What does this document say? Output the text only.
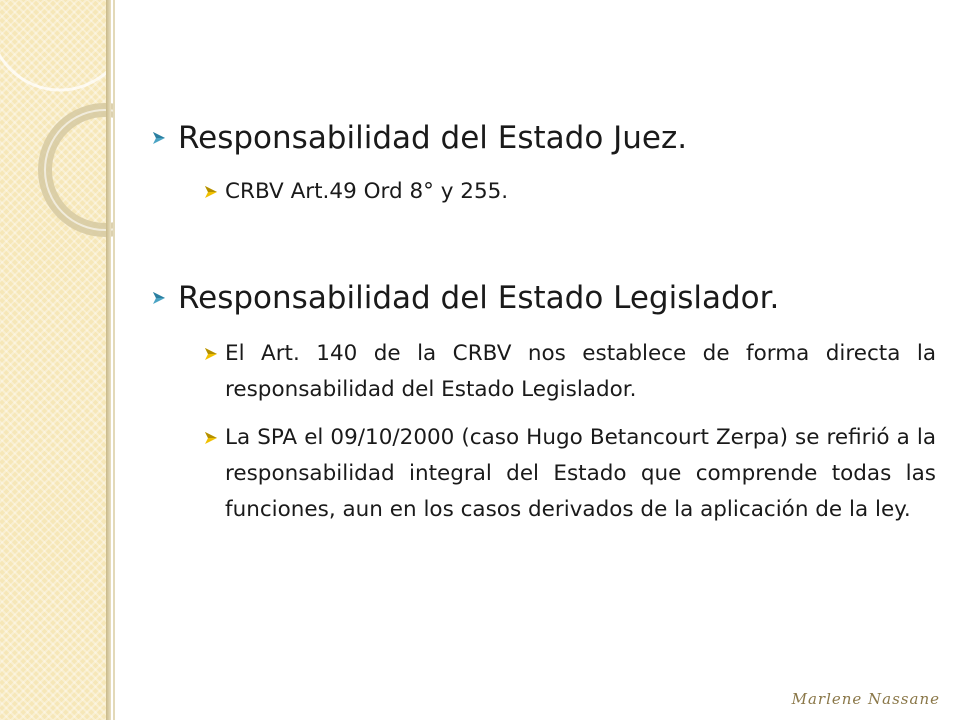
Responsabilidad del Estado Juez.
CRBV Art.49 Ord 8° y 255.
Responsabilidad del Estado Legislador.
El Art. 140 de la CRBV nos establece de forma directa la responsabilidad del Estado Legislador.
La SPA el 09/10/2000 (caso Hugo Betancourt Zerpa) se refirió a la responsabilidad integral del Estado que comprende todas las funciones, aun en los casos derivados de la aplicación de la ley.
Marlene Nassane
